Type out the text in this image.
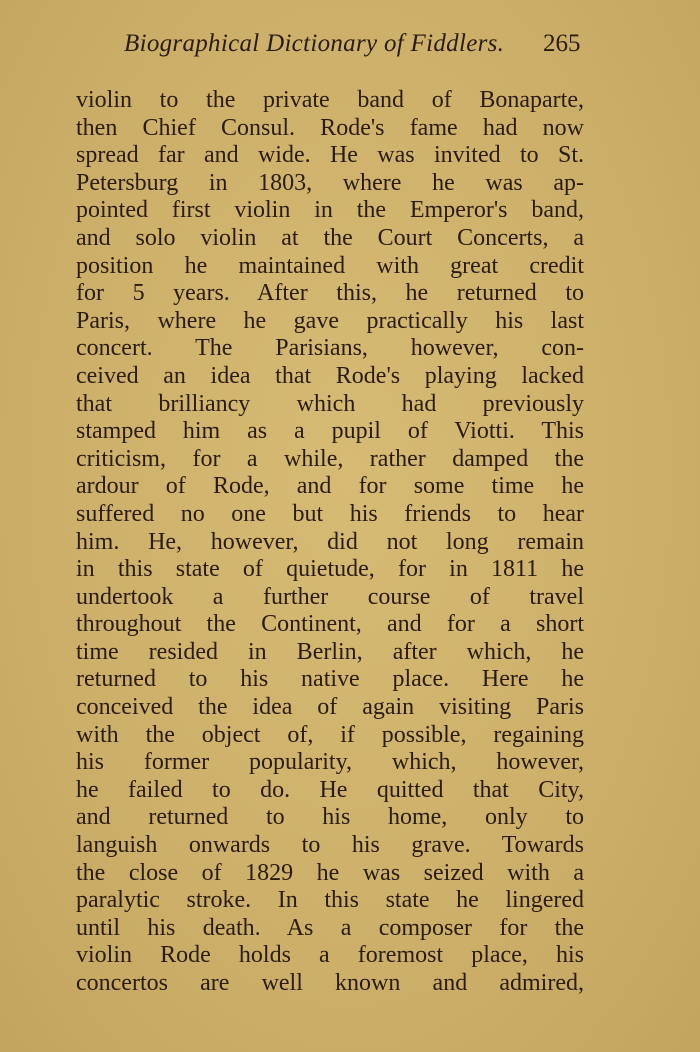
Biographical Dictionary of Fiddlers. 265
violin to the private band of Bonaparte,
then Chief Consul. Rode's fame had now
spread far and wide. He was invited to St.
Petersburg in 1803, where he was ap-
pointed first violin in the Emperor's band,
and solo violin at the Court Concerts, a
position he maintained with great credit
for 5 years. After this, he returned to
Paris, where he gave practically his last
concert. The Parisians, however, con-
ceived an idea that Rode's playing lacked
that brilliancy which had previously
stamped him as a pupil of Viotti. This
criticism, for a while, rather damped the
ardour of Rode, and for some time he
suffered no one but his friends to hear
him. He, however, did not long remain
in this state of quietude, for in 1811 he
undertook a further course of travel
throughout the Continent, and for a short
time resided in Berlin, after which, he
returned to his native place. Here he
conceived the idea of again visiting Paris
with the object of, if possible, regaining
his former popularity, which, however,
he failed to do. He quitted that City,
and returned to his home, only to
languish onwards to his grave. Towards
the close of 1829 he was seized with a
paralytic stroke. In this state he lingered
until his death. As a composer for the
violin Rode holds a foremost place, his
concertos are well known and admired,
